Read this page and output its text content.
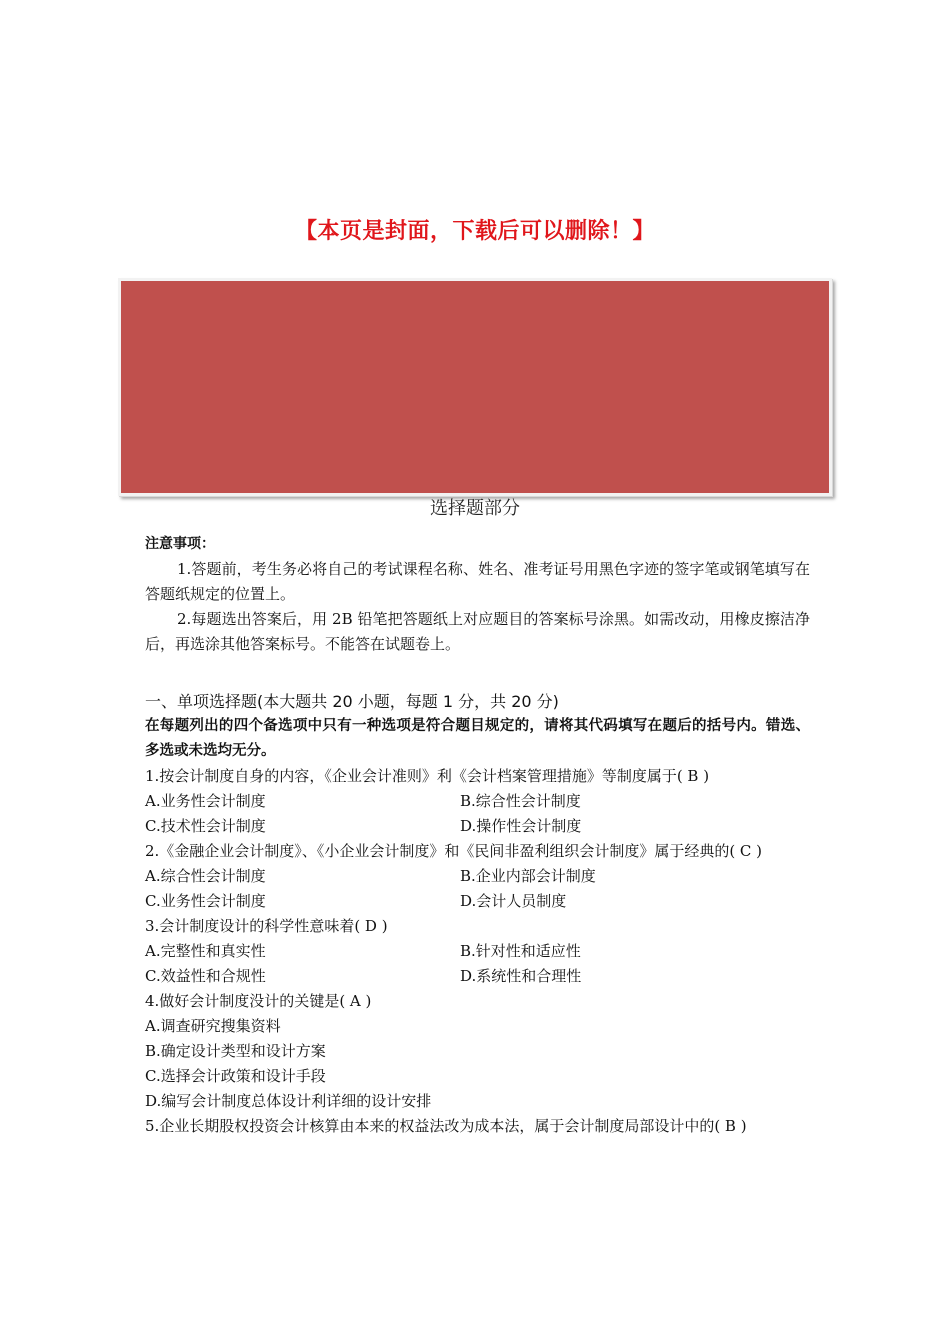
【本页是封面，下载后可以删除！】
选择题部分

注意事项：

1.答题前，考生务必将自己的考试课程名称、姓名、准考证号用黑色字迹的签字笔或钢笔填写在答题纸规定的位置上。

2.每题选出答案后，用 2B 铅笔把答题纸上对应题目的答案标号涂黑。如需改动，用橡皮擦洁净后，再选涂其他答案标号。不能答在试题卷上。

一、单项选择题(本大题共 20 小题，每题 1 分，共 20 分)

在每题列出的四个备选项中只有一种选项是符合题目规定的，请将其代码填写在题后的括号内。错选、多选或未选均无分。

1.按会计制度自身的内容，《企业会计准则》利《会计档案管理措施》等制度属于( B )

A.业务性会计制度	B.综合性会计制度
C.技术性会计制度	D.操作性会计制度

2.《金融企业会计制度》、《小企业会计制度》和《民间非盈利组织会计制度》属于经典的( C )

A.综合性会计制度	B.企业内部会计制度
C.业务性会计制度	D.会计人员制度

3.会计制度设计的科学性意味着( D )

A.完整性和真实性	B.针对性和适应性
C.效益性和合规性	D.系统性和合理性

4.做好会计制度没计的关键是( A )

A.调查研究搜集资料

B.确定设计类型和设计方案

C.选择会计政策和设计手段

D.编写会计制度总体设计利详细的设计安排

5.企业长期股权投资会计核算由本来的权益法改为成本法，属于会计制度局部设计中的( B )
